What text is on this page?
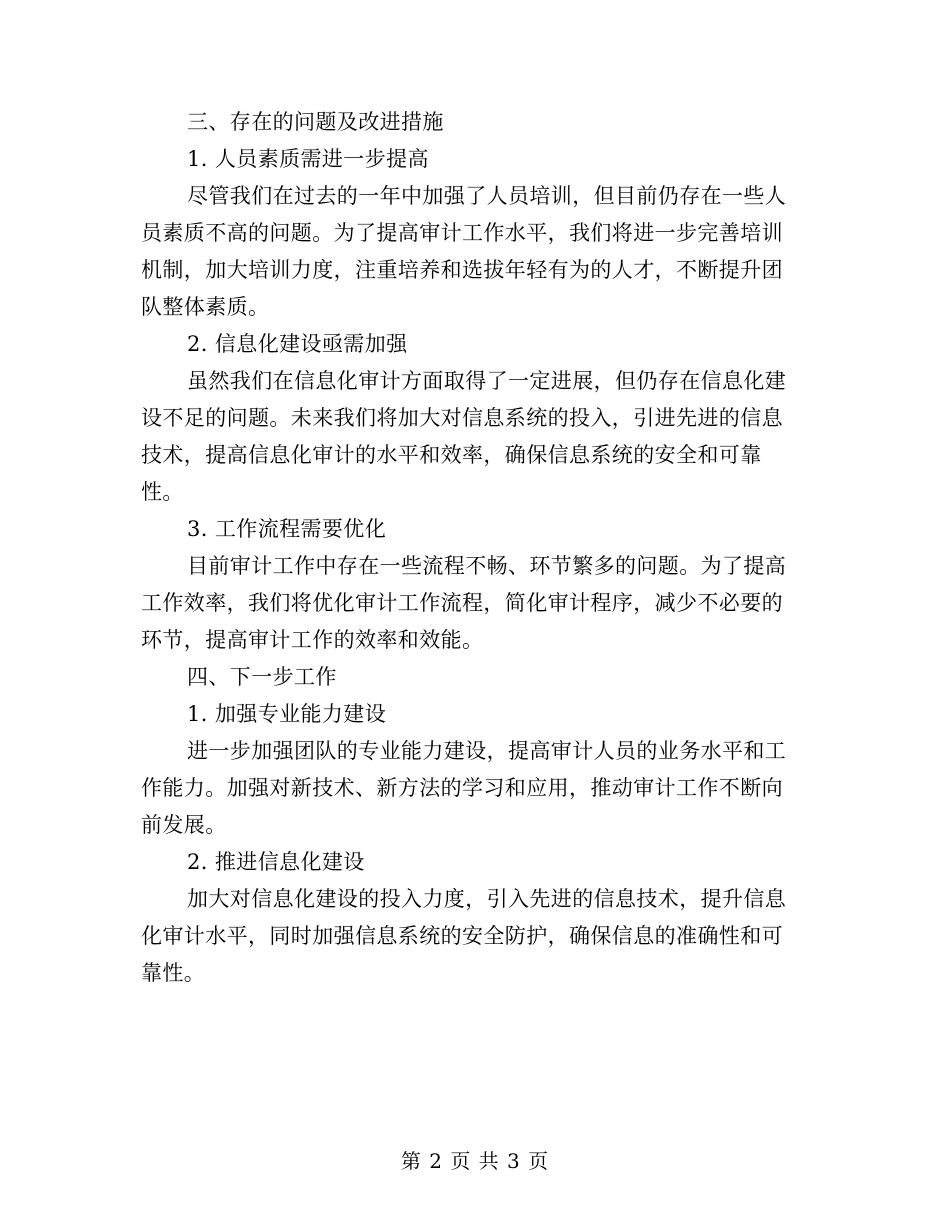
三、存在的问题及改进措施
1. 人员素质需进一步提高
尽管我们在过去的一年中加强了人员培训，但目前仍存在一些人
员素质不高的问题。为了提高审计工作水平，我们将进一步完善培训
机制，加大培训力度，注重培养和选拔年轻有为的人才，不断提升团
队整体素质。
2. 信息化建设亟需加强
虽然我们在信息化审计方面取得了一定进展，但仍存在信息化建
设不足的问题。未来我们将加大对信息系统的投入，引进先进的信息
技术，提高信息化审计的水平和效率，确保信息系统的安全和可靠
性。
3. 工作流程需要优化
目前审计工作中存在一些流程不畅、环节繁多的问题。为了提高
工作效率，我们将优化审计工作流程，简化审计程序，减少不必要的
环节，提高审计工作的效率和效能。
四、下一步工作
1. 加强专业能力建设
进一步加强团队的专业能力建设，提高审计人员的业务水平和工
作能力。加强对新技术、新方法的学习和应用，推动审计工作不断向
前发展。
2. 推进信息化建设
加大对信息化建设的投入力度，引入先进的信息技术，提升信息
化审计水平，同时加强信息系统的安全防护，确保信息的准确性和可
靠性。
第 2 页 共 3 页
